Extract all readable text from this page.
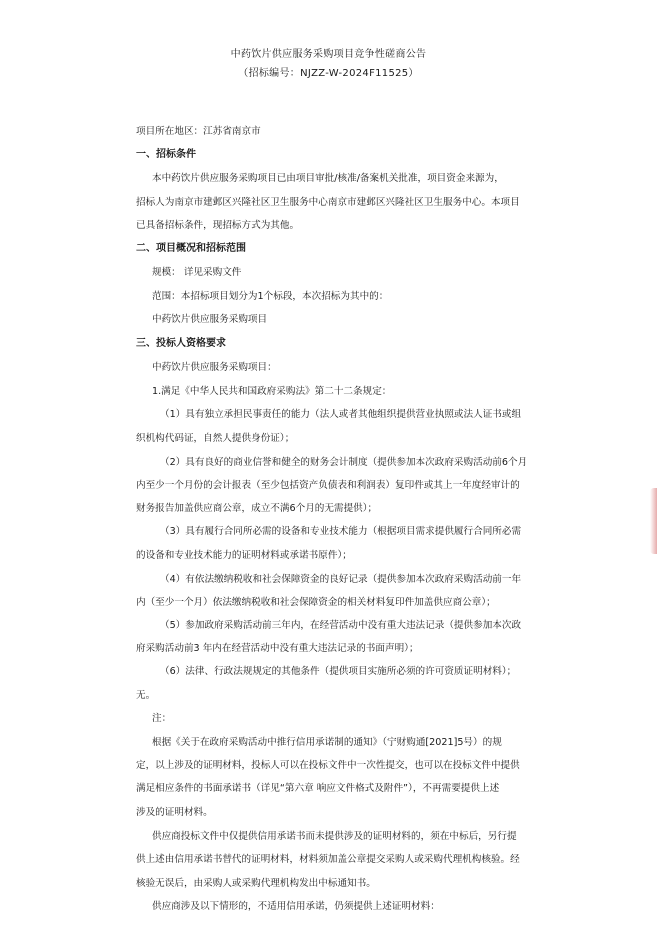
中药饮片供应服务采购项目竞争性磋商公告
（招标编号：NJZZ-W-2024F11525）
项目所在地区：江苏省南京市
一、招标条件
本中药饮片供应服务采购项目已由项目审批/核准/备案机关批准，项目资金来源为，
招标人为南京市建邺区兴隆社区卫生服务中心南京市建邺区兴隆社区卫生服务中心。本项目
已具备招标条件，现招标方式为其他。
二、项目概况和招标范围
规模： 详见采购文件
范围：本招标项目划分为1个标段，本次招标为其中的：
中药饮片供应服务采购项目
三、投标人资格要求
中药饮片供应服务采购项目：
1.满足《中华人民共和国政府采购法》第二十二条规定：
（1）具有独立承担民事责任的能力（法人或者其他组织提供营业执照或法人证书或组
织机构代码证，自然人提供身份证）；
（2）具有良好的商业信誉和健全的财务会计制度（提供参加本次政府采购活动前6个月
内至少一个月份的会计报表（至少包括资产负债表和利润表）复印件或其上一年度经审计的
财务报告加盖供应商公章，成立不满6个月的无需提供）；
（3）具有履行合同所必需的设备和专业技术能力（根据项目需求提供履行合同所必需
的设备和专业技术能力的证明材料或承诺书原件）；
（4）有依法缴纳税收和社会保障资金的良好记录（提供参加本次政府采购活动前一年
内（至少一个月）依法缴纳税收和社会保障资金的相关材料复印件加盖供应商公章）；
（5）参加政府采购活动前三年内，在经营活动中没有重大违法记录（提供参加本次政
府采购活动前3 年内在经营活动中没有重大违法记录的书面声明）；
（6）法律、行政法规规定的其他条件（提供项目实施所必须的许可资质证明材料）；
无。
注：
根据《关于在政府采购活动中推行信用承诺制的通知》（宁财购通[2021]5号）的规
定，以上涉及的证明材料，投标人可以在投标文件中一次性提交，也可以在投标文件中提供
满足相应条件的书面承诺书（详见“第六章 响应文件格式及附件”），不再需要提供上述
涉及的证明材料。
供应商投标文件中仅提供信用承诺书而未提供涉及的证明材料的，须在中标后，另行提
供上述由信用承诺书替代的证明材料，材料须加盖公章提交采购人或采购代理机构核验。经
核验无误后，由采购人或采购代理机构发出中标通知书。
供应商涉及以下情形的，不适用信用承诺，仍须提供上述证明材料：
